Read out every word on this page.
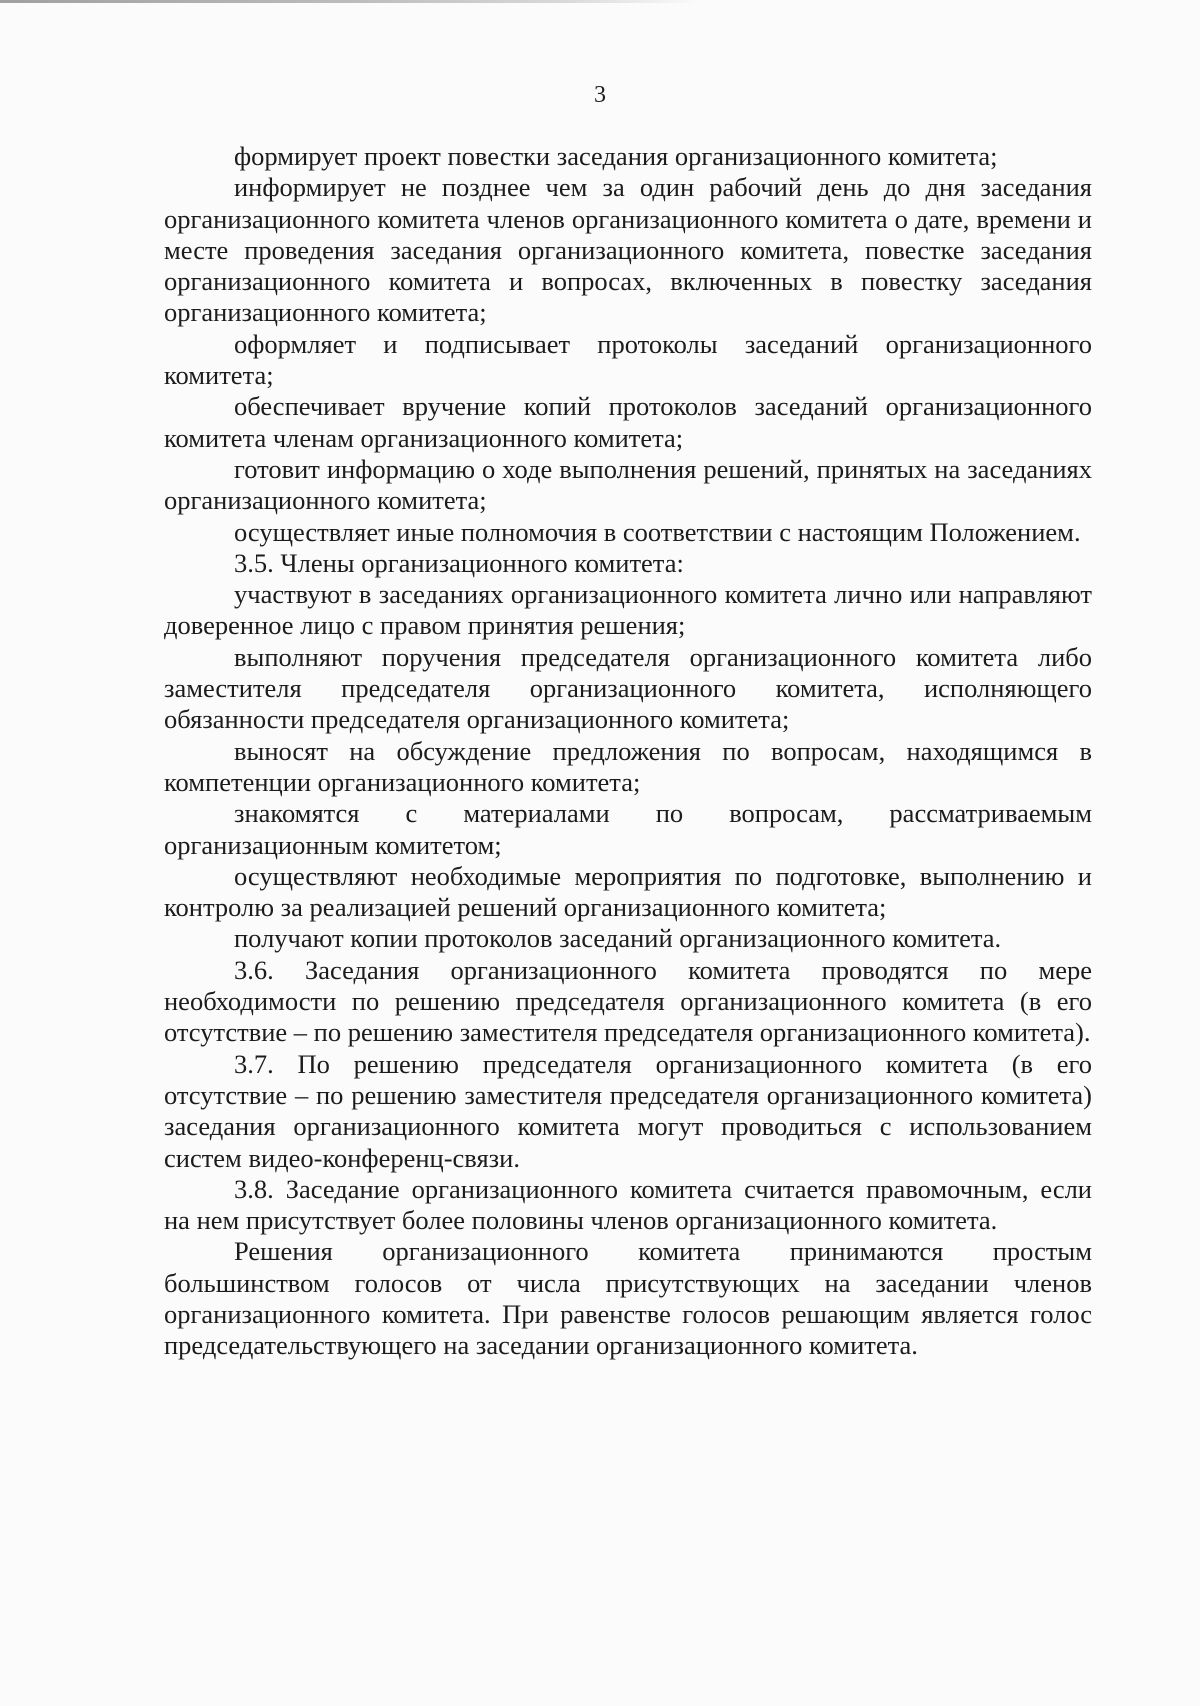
3

формирует проект повестки заседания организационного комитета;

информирует не позднее чем за один рабочий день до дня заседания организационного комитета членов организационного комитета о дате, времени и месте проведения заседания организационного комитета, повестке заседания организационного комитета и вопросах, включенных в повестку заседания организационного комитета;

оформляет и подписывает протоколы заседаний организационного комитета;

обеспечивает вручение копий протоколов заседаний организационного комитета членам организационного комитета;

готовит информацию о ходе выполнения решений, принятых на заседаниях организационного комитета;

осуществляет иные полномочия в соответствии с настоящим Положением.

3.5. Члены организационного комитета:

участвуют в заседаниях организационного комитета лично или направляют доверенное лицо с правом принятия решения;

выполняют поручения председателя организационного комитета либо заместителя председателя организационного комитета, исполняющего обязанности председателя организационного комитета;

выносят на обсуждение предложения по вопросам, находящимся в компетенции организационного комитета;

знакомятся с материалами по вопросам, рассматриваемым организационным комитетом;

осуществляют необходимые мероприятия по подготовке, выполнению и контролю за реализацией решений организационного комитета;

получают копии протоколов заседаний организационного комитета.

3.6. Заседания организационного комитета проводятся по мере необходимости по решению председателя организационного комитета (в его отсутствие – по решению заместителя председателя организационного комитета).

3.7. По решению председателя организационного комитета (в его отсутствие – по решению заместителя председателя организационного комитета) заседания организационного комитета могут проводиться с использованием систем видео-конференц-связи.

3.8. Заседание организационного комитета считается правомочным, если на нем присутствует более половины членов организационного комитета.

Решения организационного комитета принимаются простым большинством голосов от числа присутствующих на заседании членов организационного комитета. При равенстве голосов решающим является голос председательствующего на заседании организационного комитета.
